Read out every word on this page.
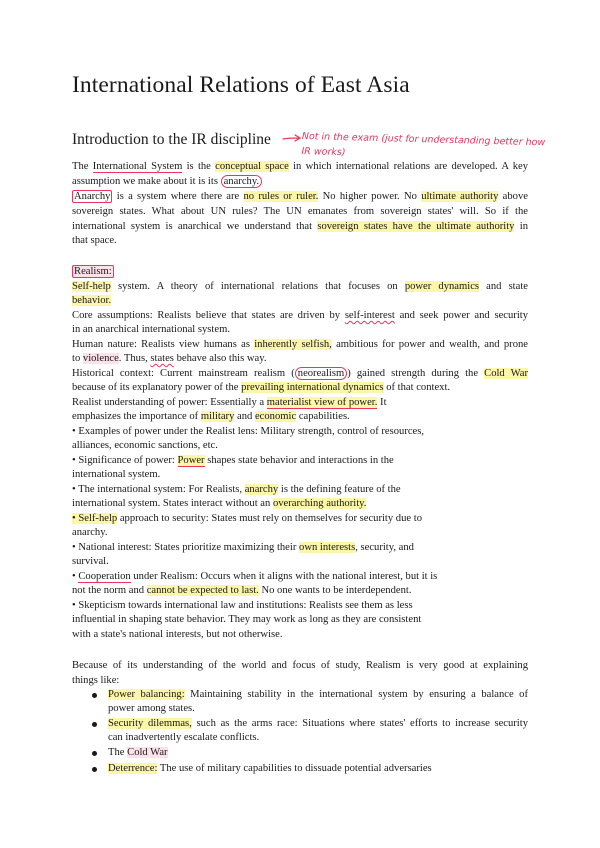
International Relations of East Asia
Introduction to the IR discipline	Not in the exam (just for understanding better how IR works)
The International System is the conceptual space in which international relations are developed. A key
assumption we make about it is its anarchy.
Anarchy is a system where there are no rules or ruler. No higher power. No ultimate authority above
sovereign states. What about UN rules? The UN emanates from sovereign states' will. So if the
international system is anarchical we understand that sovereign states have the ultimate authority in
that space.
Realism:
Self-help system. A theory of international relations that focuses on power dynamics and state
behavior.
Core assumptions: Realists believe that states are driven by self-interest and seek power and security
in an anarchical international system.
Human nature: Realists view humans as inherently selfish, ambitious for power and wealth, and prone
to violence. Thus, states behave also this way.
Historical context: Current mainstream realism ( neorealism ) gained strength during the Cold War
because of its explanatory power of the prevailing international dynamics of that context.
Realist understanding of power: Essentially a materialist view of power. It
emphasizes the importance of military and economic capabilities.
• Examples of power under the Realist lens: Military strength, control of resources,
alliances, economic sanctions, etc.
• Significance of power: Power shapes state behavior and interactions in the
international system.
• The international system: For Realists, anarchy is the defining feature of the
international system. States interact without an overarching authority.
• Self-help approach to security: States must rely on themselves for security due to
anarchy.
• National interest: States prioritize maximizing their own interests, security, and
survival.
• Cooperation under Realism: Occurs when it aligns with the national interest, but it is
not the norm and cannot be expected to last. No one wants to be interdependent.
• Skepticism towards international law and institutions: Realists see them as less
influential in shaping state behavior. They may work as long as they are consistent
with a state's national interests, but not otherwise.
Because of its understanding of the world and focus of study, Realism is very good at explaining
things like:
Power balancing: Maintaining stability in the international system by ensuring a balance of
power among states.
Security dilemmas, such as the arms race: Situations where states' efforts to increase security
can inadvertently escalate conflicts.
The Cold War
Deterrence: The use of military capabilities to dissuade potential adversaries
